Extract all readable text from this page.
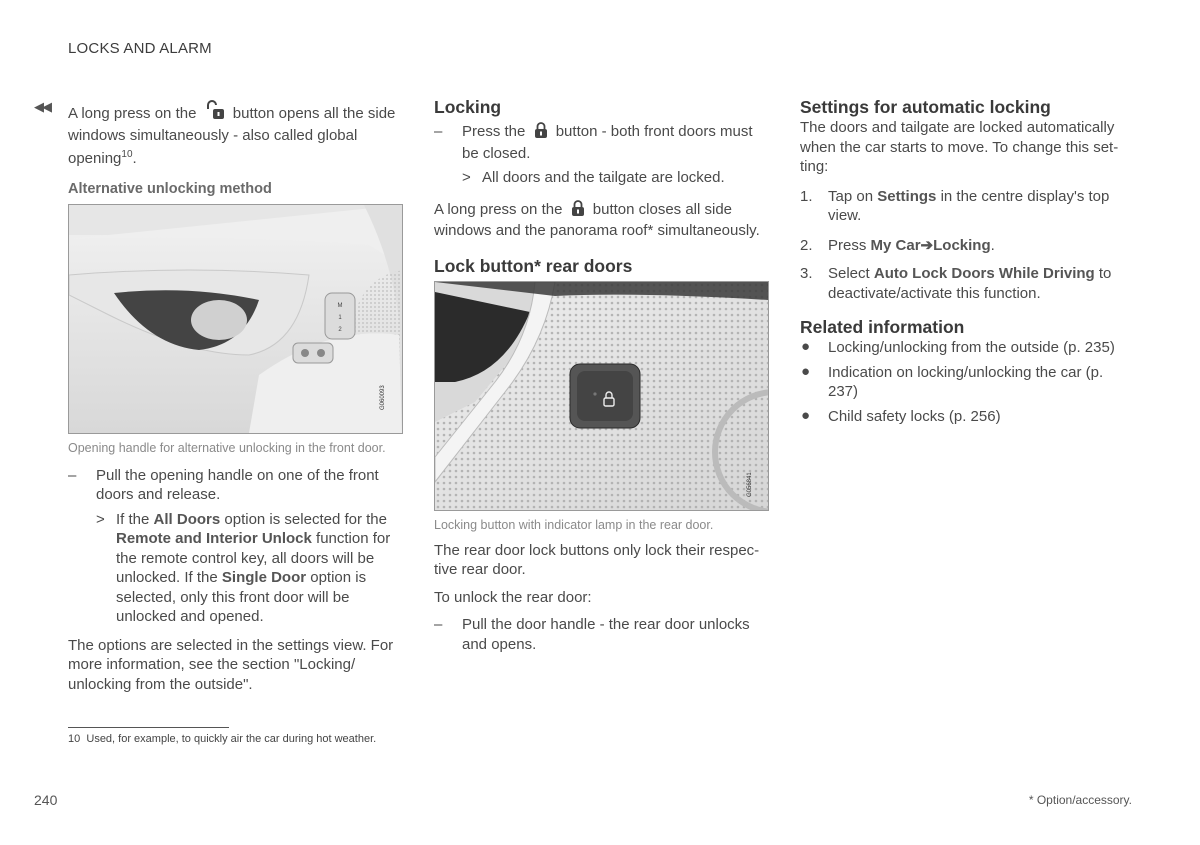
LOCKS AND ALARM
◀◀ A long press on the button opens all the side windows simultaneously - also called global opening$^{10}$.

Alternative unlocking method
M
1
2
G060093
Opening handle for alternative unlocking in the front door.
– Pull the opening handle on one of the front doors and release.
> If the All Doors option is selected for the Remote and Interior Unlock function for the remote control key, all doors will be unlocked. If the Single Door option is selected, only this front door will be unlocked and opened.

The options are selected in the settings view. For more information, see the section "Locking/ unlocking from the outside".

Locking
– Press the button - both front doors must be closed.
> All doors and the tailgate are locked.

A long press on the button closes all side windows and the panorama roof* simultaneously.

Lock button* rear doors
G056841
Locking button with indicator lamp in the rear door.

The rear door lock buttons only lock their respec- tive rear door.

To unlock the rear door:

– Pull the door handle - the rear door unlocks and opens.
Settings for automatic locking

The doors and tailgate are locked automatically when the car starts to move. To change this set- ting:

1. Tap on Settings in the centre display's top view.
2. Press My Car➔Locking.
3. Select Auto Lock Doors While Driving to deactivate/activate this function.
Related information
● Locking/unlocking from the outside (p. 235)
● Indication on locking/unlocking the car (p. 237)
● Child safety locks (p. 256)
10 Used, for example, to quickly air the car during hot weather.
240	* Option/accessory.
